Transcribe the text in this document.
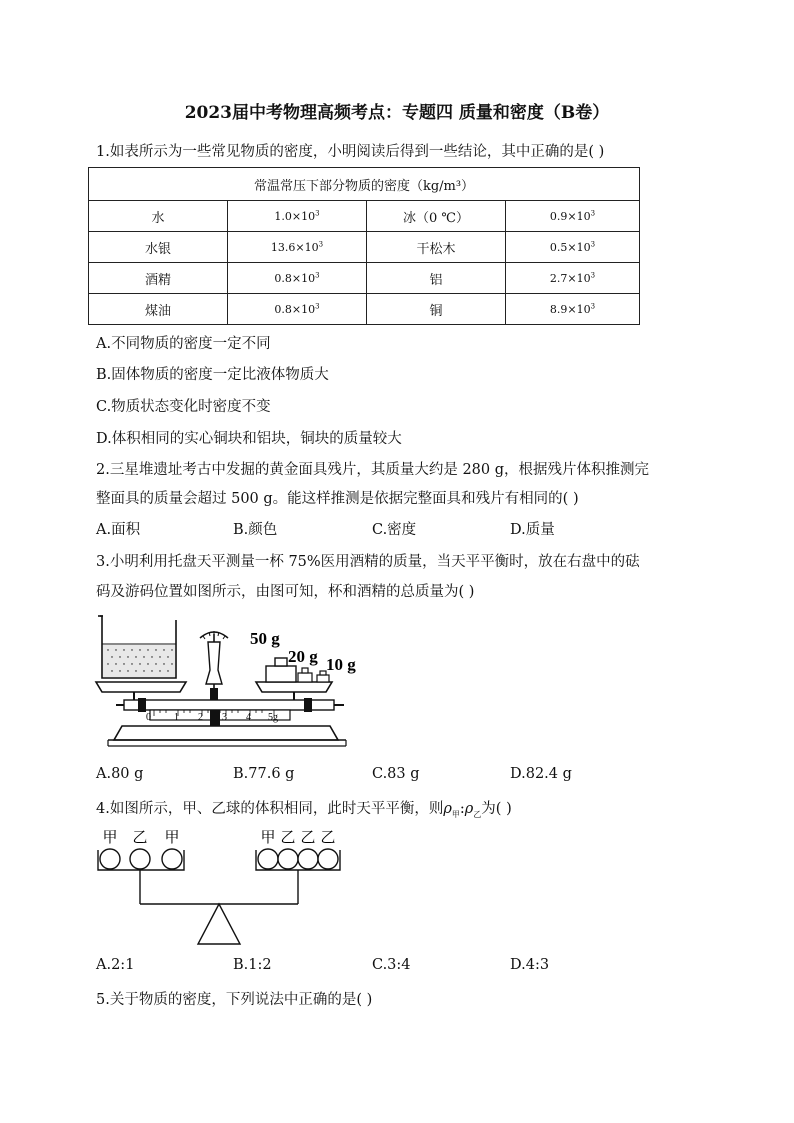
2023届中考物理高频考点：专题四 质量和密度（B卷）
1.如表所示为一些常见物质的密度，小明阅读后得到一些结论，其中正确的是( )
常温常压下部分物质的密度（kg/m³）			
水	$1.0\times 10^3$	冰（0 ℃）	$0.9\times 10^3$
水银	$13.6\times 10^3$	干松木	$0.5\times 10^3$
酒精	$0.8\times 10^3$	铝	$2.7\times 10^3$
煤油	$0.8\times 10^3$	铜	$8.9\times 10^3$
A.不同物质的密度一定不同
B.固体物质的密度一定比液体物质大
C.物质状态变化时密度不变
D.体积相同的实心铜块和铝块，铜块的质量较大
2.三星堆遗址考古中发掘的黄金面具残片，其质量大约是 280 g，根据残片体积推测完
整面具的质量会超过 500 g。能这样推测是依据完整面具和残片有相同的( )
A.面积	B.颜色	C.密度	D.质量
3.小明利用托盘天平测量一杯 75%医用酒精的质量，当天平平衡时，放在右盘中的砝
码及游码位置如图所示，由图可知，杯和酒精的总质量为( )
50 g
20 g 10 g
0 1 2 3 4 5g
A.80 g	B.77.6 g	C.83 g	D.82.4 g
4.如图所示，甲、乙球的体积相同，此时天平平衡，则$\rho_甲:\rho_乙$为( )
甲 乙 甲	甲 乙 乙 乙
A.2:1	B.1:2	C.3:4	D.4:3
5.关于物质的密度，下列说法中正确的是( )
